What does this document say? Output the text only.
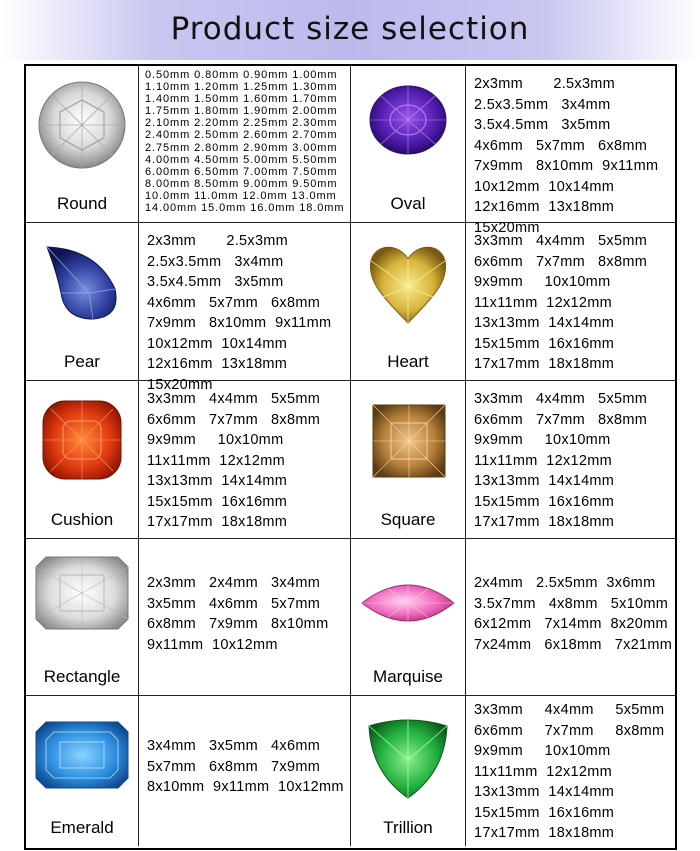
Product size selection
Round
0.50mm 0.80mm 0.90mm 1.00mm
1.10mm 1.20mm 1.25mm 1.30mm
1.40mm 1.50mm 1.60mm 1.70mm
1.75mm 1.80mm 1.90mm 2.00mm
2.10mm 2.20mm 2.25mm 2.30mm
2.40mm 2.50mm 2.60mm 2.70mm
2.75mm 2.80mm 2.90mm 3.00mm
4.00mm 4.50mm 5.00mm 5.50mm
6.00mm 6.50mm 7.00mm 7.50mm
8.00mm 8.50mm 9.00mm 9.50mm
10.0mm 11.0mm 12.0mm 13.0mm
14.00mm 15.0mm 16.0mm 18.0mm	Oval
2x3mm       2.5x3mm
2.5x3.5mm   3x4mm
3.5x4.5mm   3x5mm
4x6mm   5x7mm   6x8mm
7x9mm   8x10mm  9x11mm
10x12mm  10x14mm
12x16mm  13x18mm
15x20mm
Pear
2x3mm       2.5x3mm
2.5x3.5mm   3x4mm
3.5x4.5mm   3x5mm
4x6mm   5x7mm   6x8mm
7x9mm   8x10mm  9x11mm
10x12mm  10x14mm
12x16mm  13x18mm
15x20mm
Heart
3x3mm   4x4mm   5x5mm
6x6mm   7x7mm   8x8mm
9x9mm     10x10mm
11x11mm  12x12mm
13x13mm  14x14mm
15x15mm  16x16mm
17x17mm  18x18mm
Cushion
3x3mm   4x4mm   5x5mm
6x6mm   7x7mm   8x8mm
9x9mm     10x10mm
11x11mm  12x12mm
13x13mm  14x14mm
15x15mm  16x16mm
17x17mm  18x18mm	Square
3x3mm   4x4mm   5x5mm
6x6mm   7x7mm   8x8mm
9x9mm     10x10mm
11x11mm  12x12mm
13x13mm  14x14mm
15x15mm  16x16mm
17x17mm  18x18mm
Rectangle
2x3mm   2x4mm   3x4mm
3x5mm   4x6mm   5x7mm
6x8mm   7x9mm   8x10mm
9x11mm  10x12mm
Marquise
2x4mm   2.5x5mm  3x6mm
3.5x7mm   4x8mm   5x10mm
6x12mm   7x14mm  8x20mm
7x24mm   6x18mm   7x21mm
Emerald
3x4mm   3x5mm   4x6mm
5x7mm   6x8mm   7x9mm
8x10mm  9x11mm  10x12mm
Trillion
3x3mm     4x4mm     5x5mm
6x6mm     7x7mm     8x8mm
9x9mm     10x10mm
11x11mm  12x12mm
13x13mm  14x14mm
15x15mm  16x16mm
17x17mm  18x18mm
